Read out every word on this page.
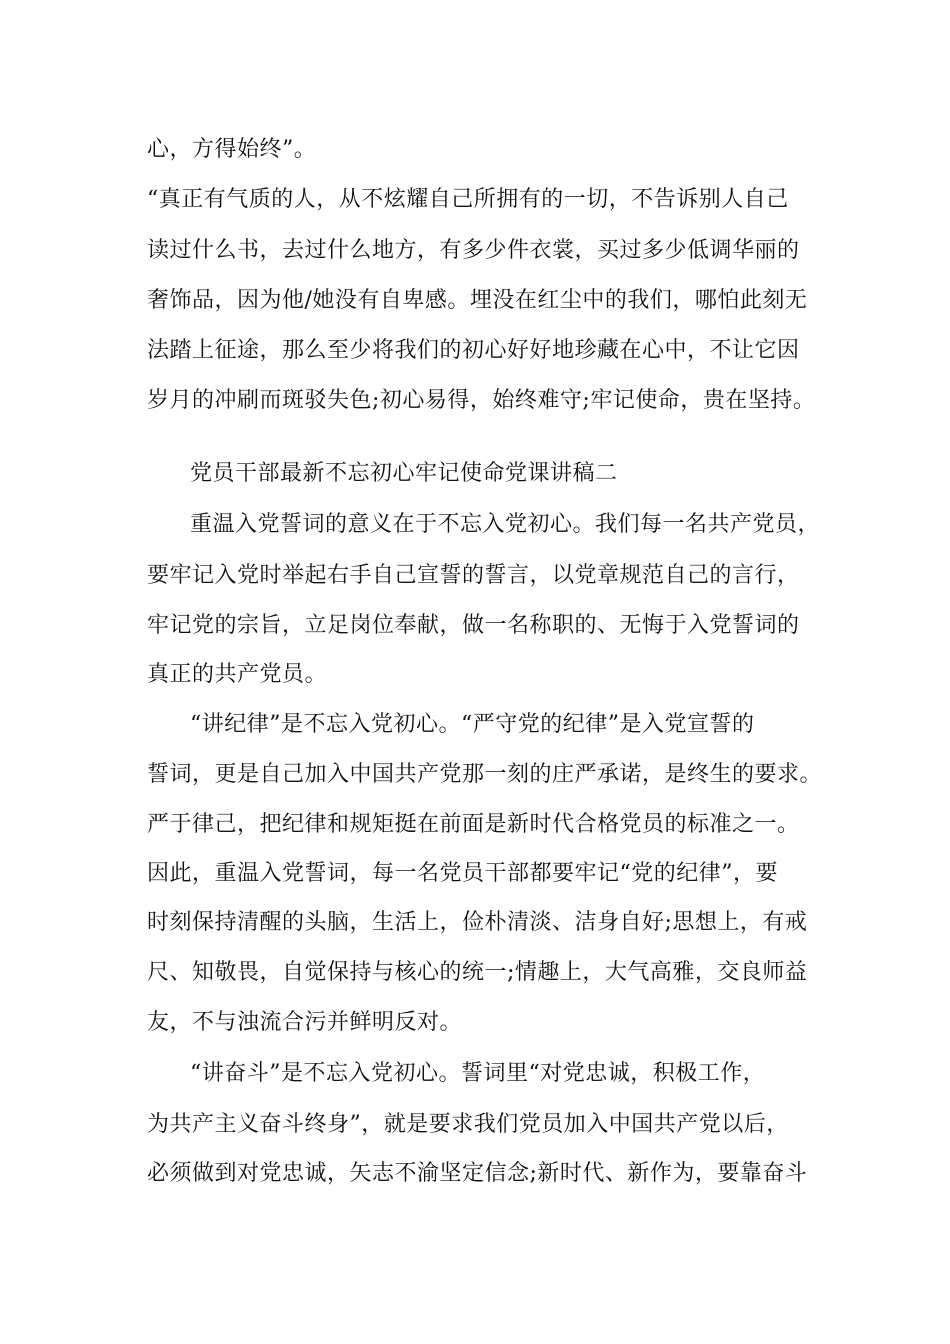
心，方得始终”。
“真正有气质的人，从不炫耀自己所拥有的一切，不告诉别人自己
读过什么书，去过什么地方，有多少件衣裳，买过多少低调华丽的
奢饰品，因为他/她没有自卑感。埋没在红尘中的我们，哪怕此刻无
法踏上征途，那么至少将我们的初心好好地珍藏在心中，不让它因
岁月的冲刷而斑驳失色;初心易得，始终难守;牢记使命，贵在坚持。
党员干部最新不忘初心牢记使命党课讲稿二
重温入党誓词的意义在于不忘入党初心。我们每一名共产党员，
要牢记入党时举起右手自己宣誓的誓言，以党章规范自己的言行，
牢记党的宗旨，立足岗位奉献，做一名称职的、无悔于入党誓词的
真正的共产党员。
“讲纪律”是不忘入党初心。“严守党的纪律”是入党宣誓的
誓词，更是自己加入中国共产党那一刻的庄严承诺，是终生的要求。
严于律己，把纪律和规矩挺在前面是新时代合格党员的标准之一。
因此，重温入党誓词，每一名党员干部都要牢记“党的纪律”，要
时刻保持清醒的头脑，生活上，俭朴清淡、洁身自好;思想上，有戒
尺、知敬畏，自觉保持与核心的统一;情趣上，大气高雅，交良师益
友，不与浊流合污并鲜明反对。
“讲奋斗”是不忘入党初心。誓词里“对党忠诚，积极工作，
为共产主义奋斗终身”，就是要求我们党员加入中国共产党以后，
必须做到对党忠诚，矢志不渝坚定信念;新时代、新作为，要靠奋斗
